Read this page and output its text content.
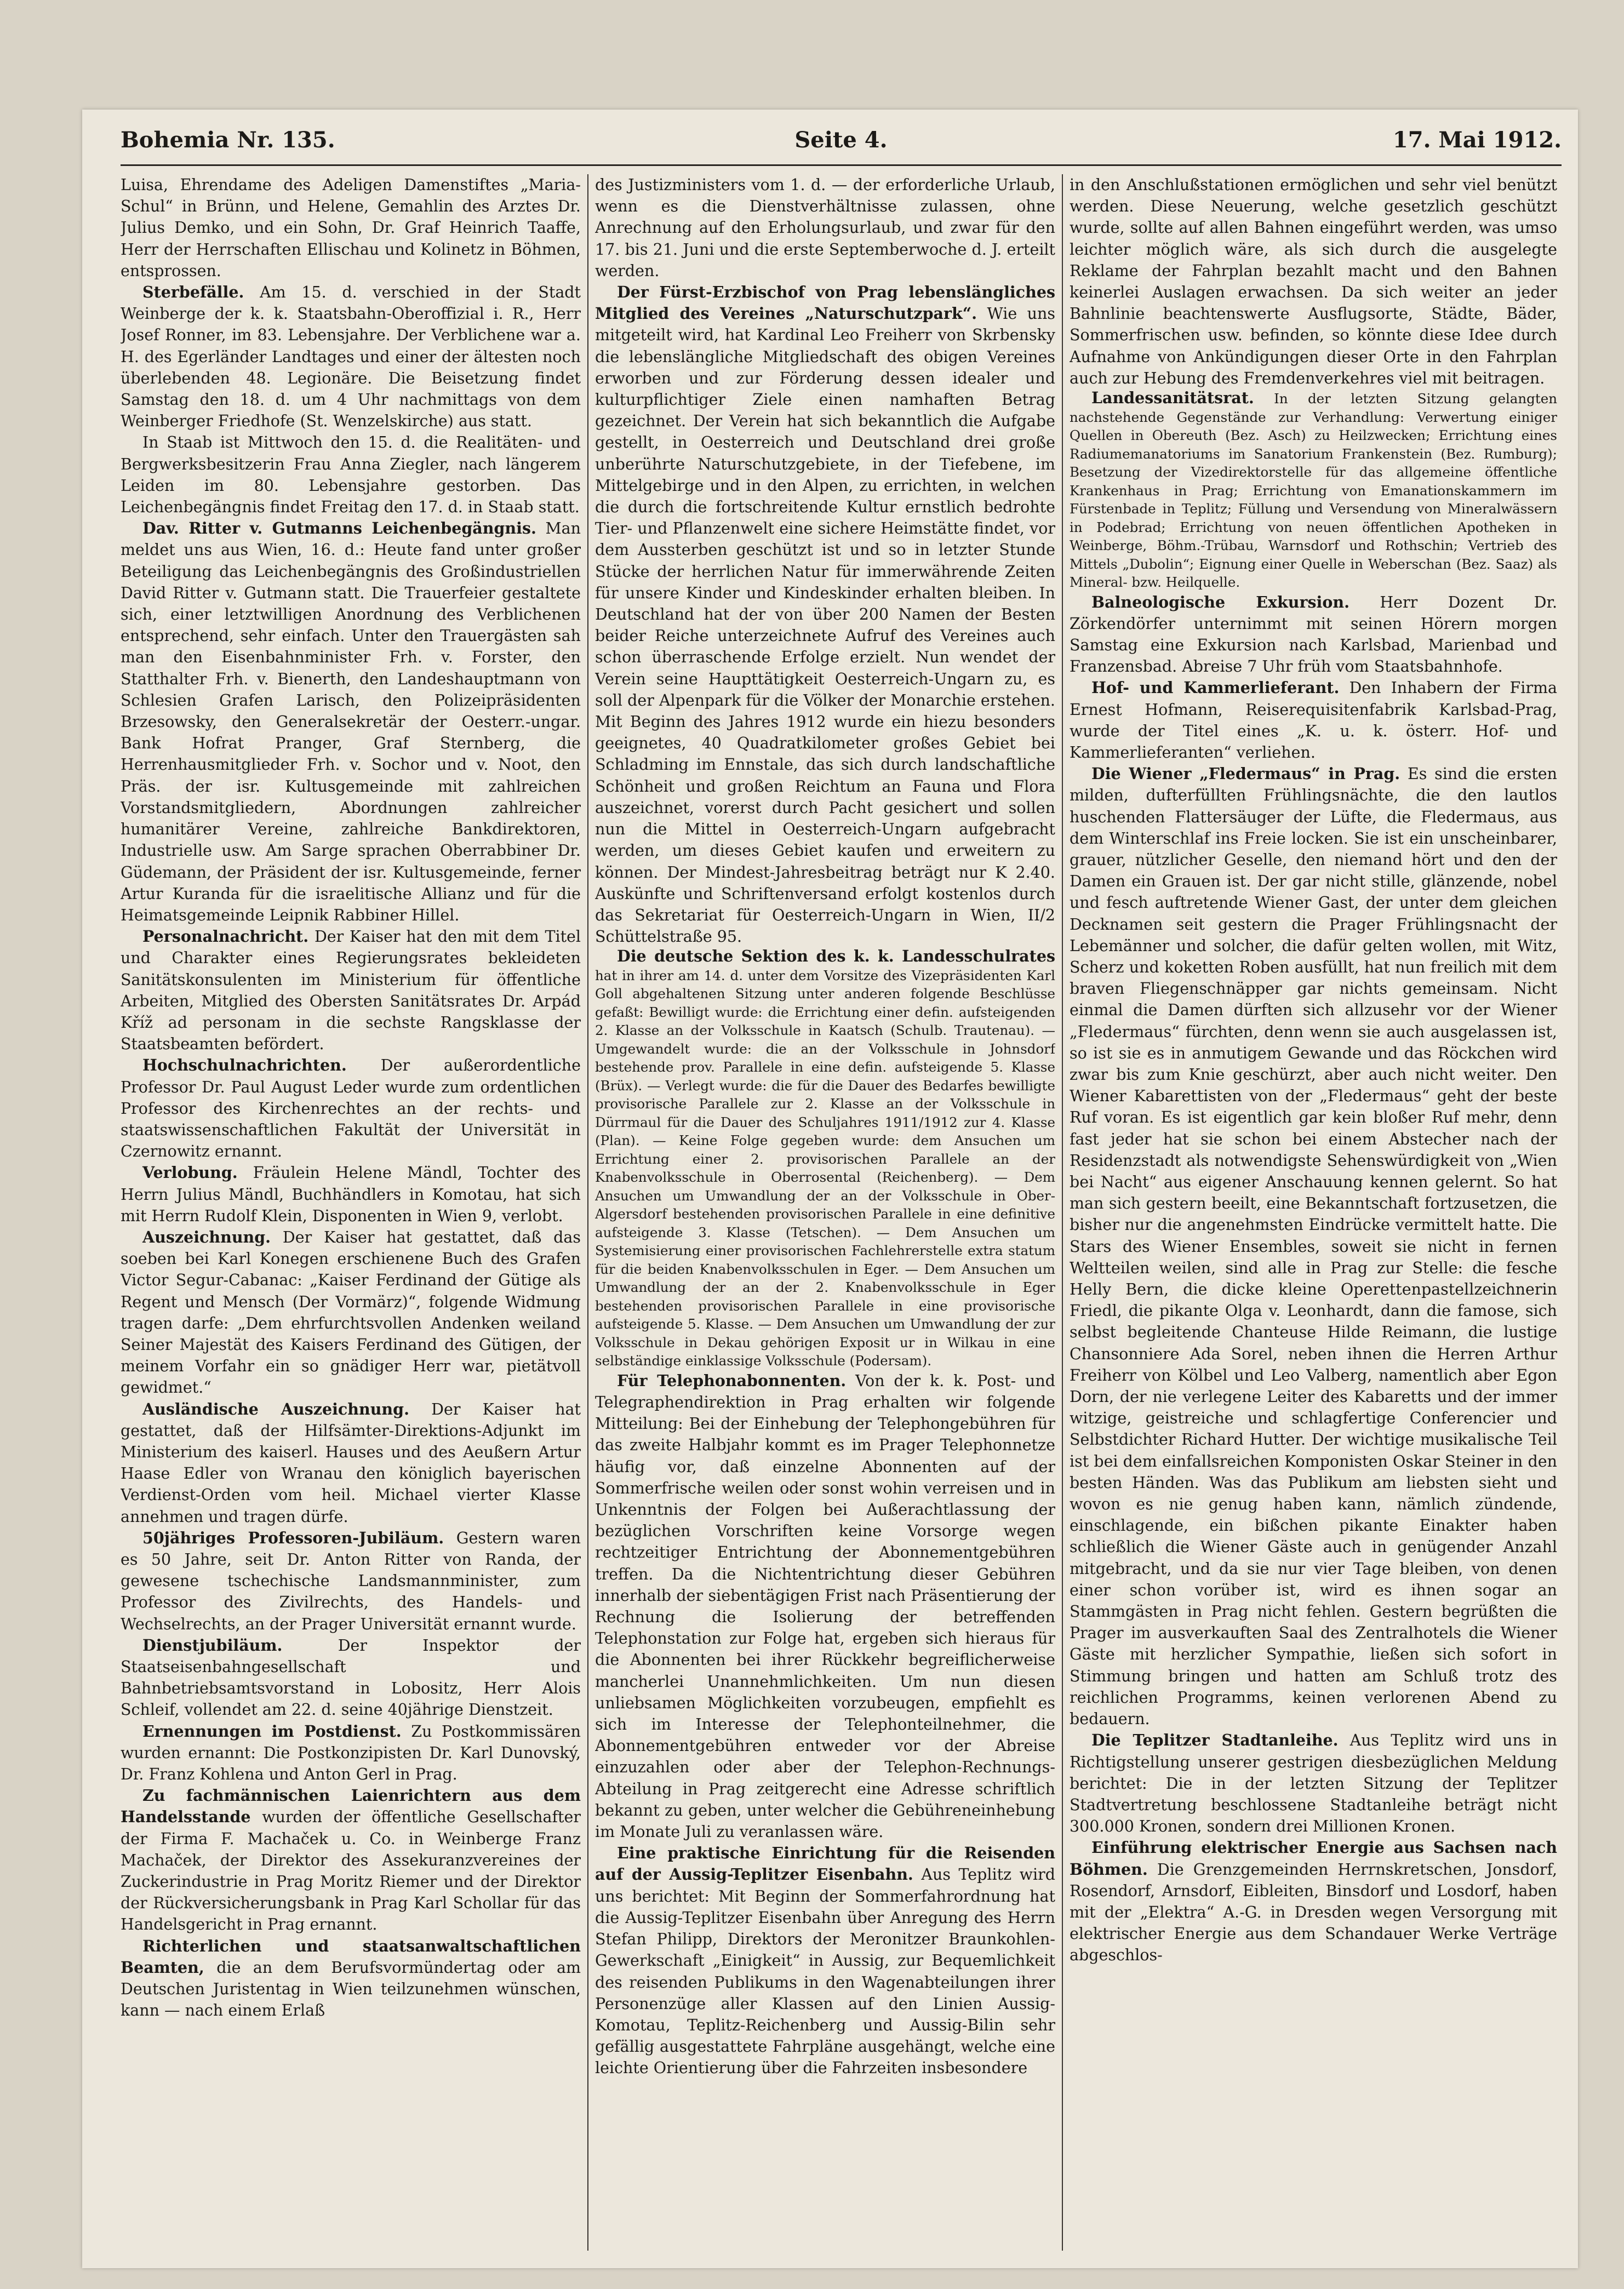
Bohemia Nr. 135.	Seite 4.	17. Mai 1912.

Luisa, Ehrendame des Adeligen Damenstiftes „Maria-Schul“ in Brünn, und Helene, Gemahlin des Arztes Dr. Julius Demko, und ein Sohn, Dr. Graf Heinrich Taaffe, Herr der Herrschaften Ellischau und Kolinetz in Böhmen, entsprossen.

Sterbefälle. Am 15. d. verschied in der Stadt Weinberge der k. k. Staatsbahn-Oberoffizial i. R., Herr Josef Ronner, im 83. Lebensjahre. Der Verblichene war a. H. des Egerländer Landtages und einer der ältesten noch überlebenden 48. Legionäre. Die Beisetzung findet Samstag den 18. d. um 4 Uhr nachmittags von dem Weinberger Friedhofe (St. Wenzelskirche) aus statt.

In Staab ist Mittwoch den 15. d. die Realitäten- und Bergwerksbesitzerin Frau Anna Ziegler, nach längerem Leiden im 80. Lebensjahre gestorben. Das Leichenbegängnis findet Freitag den 17. d. in Staab statt.

Dav. Ritter v. Gutmanns Leichenbegängnis. Man meldet uns aus Wien, 16. d.: Heute fand unter großer Beteiligung das Leichenbegängnis des Großindustriellen David Ritter v. Gutmann statt. Die Trauerfeier gestaltete sich, einer letztwilligen Anordnung des Verblichenen entsprechend, sehr einfach. Unter den Trauergästen sah man den Eisenbahnminister Frh. v. Forster, den Statthalter Frh. v. Bienerth, den Landeshauptmann von Schlesien Grafen Larisch, den Polizeipräsidenten Brzesowsky, den Generalsekretär der Oesterr.-ungar. Bank Hofrat Pranger, Graf Sternberg, die Herrenhausmitglieder Frh. v. Sochor und v. Noot, den Präs. der isr. Kultusgemeinde mit zahlreichen Vorstandsmitgliedern, Abordnungen zahlreicher humanitärer Vereine, zahlreiche Bankdirektoren, Industrielle usw. Am Sarge sprachen Oberrabbiner Dr. Güdemann, der Präsident der isr. Kultusgemeinde, ferner Artur Kuranda für die israelitische Allianz und für die Heimatsgemeinde Leipnik Rabbiner Hillel.

Personalnachricht. Der Kaiser hat den mit dem Titel und Charakter eines Regierungsrates bekleideten Sanitätskonsulenten im Ministerium für öffentliche Arbeiten, Mitglied des Obersten Sanitätsrates Dr. Arpád Kříž ad personam in die sechste Rangsklasse der Staatsbeamten befördert.

Hochschulnachrichten. Der außerordentliche Professor Dr. Paul August Leder wurde zum ordentlichen Professor des Kirchenrechtes an der rechts- und staatswissenschaftlichen Fakultät der Universität in Czernowitz ernannt.

Verlobung. Fräulein Helene Mändl, Tochter des Herrn Julius Mändl, Buchhändlers in Komotau, hat sich mit Herrn Rudolf Klein, Disponenten in Wien 9, verlobt.

Auszeichnung. Der Kaiser hat gestattet, daß das soeben bei Karl Konegen erschienene Buch des Grafen Victor Segur-Cabanac: „Kaiser Ferdinand der Gütige als Regent und Mensch (Der Vormärz)“, folgende Widmung tragen darfe: „Dem ehrfurchtsvollen Andenken weiland Seiner Majestät des Kaisers Ferdinand des Gütigen, der meinem Vorfahr ein so gnädiger Herr war, pietätvoll gewidmet.“

Ausländische Auszeichnung. Der Kaiser hat gestattet, daß der Hilfsämter-Direktions-Adjunkt im Ministerium des kaiserl. Hauses und des Aeußern Artur Haase Edler von Wranau den königlich bayerischen Verdienst-Orden vom heil. Michael vierter Klasse annehmen und tragen dürfe.

50jähriges Professoren-Jubiläum. Gestern waren es 50 Jahre, seit Dr. Anton Ritter von Randa, der gewesene tschechische Landsmannminister, zum Professor des Zivilrechts, des Handels- und Wechselrechts, an der Prager Universität ernannt wurde.

Dienstjubiläum.	Der Inspektor der Staatseisenbahngesellschaft und Bahnbetriebsamtsvorstand in Lobositz, Herr Alois Schleif, vollendet am 22. d. seine 40jährige Dienstzeit.

Ernennungen im Postdienst. Zu Postkommissären wurden ernannt: Die Postkonzipisten Dr. Karl Dunovský, Dr. Franz Kohlena und Anton Gerl in Prag.

Zu fachmännischen Laienrichtern aus dem Handelsstande wurden der öffentliche Gesellschafter der Firma F. Machaček u. Co. in Weinberge Franz Machaček, der Direktor des Assekuranzvereines der Zuckerindustrie in Prag Moritz Riemer und der Direktor der Rückversicherungsbank in Prag Karl Schollar für das Handelsgericht in Prag ernannt.

Richterlichen und staatsanwaltschaftlichen Beamten, die an dem Berufsvormündertag oder am Deutschen Juristentag in Wien teilzunehmen wünschen, kann — nach einem Erlaß

des Justizministers vom 1. d. — der erforderliche Urlaub, wenn es die Dienstverhältnisse zulassen, ohne Anrechnung auf den Erholungsurlaub, und zwar für den 17. bis 21. Juni und die erste Septemberwoche d. J. erteilt werden.

Der Fürst-Erzbischof von Prag lebenslängliches Mitglied des Vereines „Naturschutzpark“. Wie uns mitgeteilt wird, hat Kardinal Leo Freiherr von Skrbensky die lebenslängliche Mitgliedschaft des obigen Vereines erworben und zur Förderung dessen idealer und kulturpflichtiger Ziele einen namhaften Betrag gezeichnet. Der Verein hat sich bekanntlich die Aufgabe gestellt, in Oesterreich und Deutschland drei große unberührte Naturschutzgebiete, in der Tiefebene, im Mittelgebirge und in den Alpen, zu errichten, in welchen die durch die fortschreitende Kultur ernstlich bedrohte Tier- und Pflanzenwelt eine sichere Heimstätte findet, vor dem Aussterben geschützt ist und so in letzter Stunde Stücke der herrlichen Natur für immerwährende Zeiten für unsere Kinder und Kindeskinder erhalten bleiben. In Deutschland hat der von über 200 Namen der Besten beider Reiche unterzeichnete Aufruf des Vereines auch schon überraschende Erfolge erzielt. Nun wendet der Verein seine Haupttätigkeit Oesterreich-Ungarn zu, es soll der Alpenpark für die Völker der Monarchie erstehen. Mit Beginn des Jahres 1912 wurde ein hiezu besonders geeignetes, 40 Quadratkilometer großes Gebiet bei Schladming im Ennstale, das sich durch landschaftliche Schönheit und großen Reichtum an Fauna und Flora auszeichnet, vorerst durch Pacht gesichert und sollen nun die Mittel in Oesterreich-Ungarn aufgebracht werden, um dieses Gebiet kaufen und erweitern zu können. Der Mindest-Jahresbeitrag beträgt nur K 2.40. Auskünfte und Schriftenversand erfolgt kostenlos durch das Sekretariat für Oesterreich-Ungarn in Wien, II/2 Schüttelstraße 95.

Die deutsche Sektion des k. k. Landesschulrates hat in ihrer am 14. d. unter dem Vorsitze des Vizepräsidenten Karl Goll abgehaltenen Sitzung unter anderen folgende Beschlüsse gefaßt: Bewilligt wurde: die Errichtung einer defin. aufsteigenden 2. Klasse an der Volksschule in Kaatsch (Schulb. Trautenau). — Umgewandelt wurde: die an der Volksschule in Johnsdorf bestehende prov. Parallele in eine defin. aufsteigende 5. Klasse (Brüx). — Verlegt wurde: die für die Dauer des Bedarfes bewilligte provisorische Parallele zur 2. Klasse an der Volksschule in Dürrmaul für die Dauer des Schuljahres 1911/1912 zur 4. Klasse (Plan). — Keine Folge gegeben wurde: dem Ansuchen um Errichtung einer 2. provisorischen Parallele an der Knabenvolksschule in Oberrosental (Reichenberg). — Dem Ansuchen um Umwandlung der an der Volksschule in Ober-Algersdorf bestehenden provisorischen Parallele in eine definitive aufsteigende 3. Klasse (Tetschen). — Dem Ansuchen um Systemisierung einer provisorischen Fachlehrerstelle extra statum für die beiden Knabenvolksschulen in Eger. — Dem Ansuchen um Umwandlung der an der 2. Knabenvolksschule in Eger bestehenden provisorischen Parallele in eine provisorische aufsteigende 5. Klasse. — Dem Ansuchen um Umwandlung der zur Volksschule in Dekau gehörigen Exposit ur in Wilkau in eine selbständige einklassige Volksschule (Podersam).

Für Telephonabonnenten. Von der k. k. Post- und Telegraphendirektion in Prag erhalten wir folgende Mitteilung: Bei der Einhebung der Telephongebühren für das zweite Halbjahr kommt es im Prager Telephonnetze häufig vor, daß einzelne Abonnenten auf der Sommerfrische weilen oder sonst wohin verreisen und in Unkenntnis der Folgen bei Außerachtlassung der bezüglichen Vorschriften keine Vorsorge wegen rechtzeitiger Entrichtung der Abonnementgebühren treffen. Da die Nichtentrichtung dieser Gebühren innerhalb der siebentägigen Frist nach Präsentierung der Rechnung die Isolierung der betreffenden Telephonstation zur Folge hat, ergeben sich hieraus für die Abonnenten bei ihrer Rückkehr begreiflicherweise mancherlei Unannehmlichkeiten. Um nun diesen unliebsamen Möglichkeiten vorzubeugen, empfiehlt es sich im Interesse der Telephonteilnehmer, die Abonnementgebühren entweder vor der Abreise einzuzahlen oder aber der Telephon-Rechnungs-Abteilung in Prag zeitgerecht eine Adresse schriftlich bekannt zu geben, unter welcher die Gebühreneinhebung im Monate Juli zu veranlassen wäre.

Eine praktische Einrichtung für die Reisenden auf der Aussig-Teplitzer Eisenbahn. Aus Teplitz wird uns berichtet: Mit Beginn der Sommerfahrordnung hat die Aussig-Teplitzer Eisenbahn über Anregung des Herrn Stefan Philipp, Direktors der Meronitzer Braunkohlen-Gewerkschaft „Einigkeit“ in Aussig, zur Bequemlichkeit des reisenden Publikums in den Wagenabteilungen ihrer Personenzüge aller Klassen auf den Linien Aussig-Komotau, Teplitz-Reichenberg und Aussig-Bilin sehr gefällig ausgestattete Fahrpläne ausgehängt, welche eine leichte Orientierung über die Fahrzeiten insbesondere

in den Anschlußstationen ermöglichen und sehr viel benützt werden. Diese Neuerung, welche gesetzlich geschützt wurde, sollte auf allen Bahnen eingeführt werden, was umso leichter möglich wäre, als sich durch die ausgelegte Reklame der Fahrplan bezahlt macht und den Bahnen keinerlei Auslagen erwachsen. Da sich weiter an jeder Bahnlinie beachtenswerte Ausflugsorte, Städte, Bäder, Sommerfrischen usw. befinden, so könnte diese Idee durch Aufnahme von Ankündigungen dieser Orte in den Fahrplan auch zur Hebung des Fremdenverkehres viel mit beitragen.

Landessanitätsrat. In der letzten Sitzung gelangten nachstehende Gegenstände zur Verhandlung: Verwertung einiger Quellen in Obereuth (Bez. Asch) zu Heilzwecken; Errichtung eines Radiumemanatoriums im Sanatorium Frankenstein (Bez. Rumburg); Besetzung der Vizedirektorstelle für das allgemeine öffentliche Krankenhaus in Prag; Errichtung von Emanationskammern im Fürstenbade in Teplitz; Füllung und Versendung von Mineralwässern in Podebrad; Errichtung von neuen öffentlichen Apotheken in Weinberge, Böhm.-Trübau, Warnsdorf und Rothschin; Vertrieb des Mittels „Dubolin“; Eignung einer Quelle in Weberschan (Bez. Saaz) als Mineral- bzw. Heilquelle.

Balneologische Exkursion. Herr Dozent Dr. Zörkendörfer unternimmt mit seinen Hörern morgen Samstag eine Exkursion nach Karlsbad, Marienbad und Franzensbad. Abreise 7 Uhr früh vom Staatsbahnhofe.

Hof- und Kammerlieferant. Den Inhabern der Firma Ernest Hofmann, Reiserequisitenfabrik Karlsbad-Prag, wurde der Titel eines „K. u. k. österr. Hof- und Kammerlieferanten“ verliehen.

Die Wiener „Fledermaus“ in Prag. Es sind die ersten milden, dufterfüllten Frühlingsnächte, die den lautlos huschenden Flattersäuger der Lüfte, die Fledermaus, aus dem Winterschlaf ins Freie locken. Sie ist ein unscheinbarer, grauer, nützlicher Geselle, den niemand hört und den der Damen ein Grauen ist. Der gar nicht stille, glänzende, nobel und fesch auftretende Wiener Gast, der unter dem gleichen Decknamen seit gestern die Prager Frühlingsnacht der Lebemänner und solcher, die dafür gelten wollen, mit Witz, Scherz und koketten Roben ausfüllt, hat nun freilich mit dem braven Fliegenschnäpper gar nichts gemeinsam. Nicht einmal die Damen dürften sich allzusehr vor der Wiener „Fledermaus“ fürchten, denn wenn sie auch ausgelassen ist, so ist sie es in anmutigem Gewande und das Röckchen wird zwar bis zum Knie geschürzt, aber auch nicht weiter. Den Wiener Kabarettisten von der „Fledermaus“ geht der beste Ruf voran. Es ist eigentlich gar kein bloßer Ruf mehr, denn fast jeder hat sie schon bei einem Abstecher nach der Residenzstadt als notwendigste Sehenswürdigkeit von „Wien bei Nacht“ aus eigener Anschauung kennen gelernt. So hat man sich gestern beeilt, eine Bekanntschaft fortzusetzen, die bisher nur die angenehmsten Eindrücke vermittelt hatte. Die Stars des Wiener Ensembles, soweit sie nicht in fernen Weltteilen weilen, sind alle in Prag zur Stelle: die fesche Helly Bern, die dicke kleine Operettenpastellzeichnerin Friedl, die pikante Olga v. Leonhardt, dann die famose, sich selbst begleitende Chanteuse Hilde Reimann, die lustige Chansonniere Ada Sorel, neben ihnen die Herren Arthur Freiherr von Kölbel und Leo Valberg, namentlich aber Egon Dorn, der nie verlegene Leiter des Kabaretts und der immer witzige, geistreiche und schlagfertige Conferencier und Selbstdichter Richard Hutter. Der wichtige musikalische Teil ist bei dem einfallsreichen Komponisten Oskar Steiner in den besten Händen. Was das Publikum am liebsten sieht und wovon es nie genug haben kann, nämlich zündende, einschlagende, ein bißchen pikante Einakter haben schließlich die Wiener Gäste auch in genügender Anzahl mitgebracht, und da sie nur vier Tage bleiben, von denen einer schon vorüber ist, wird es ihnen sogar an Stammgästen in Prag nicht fehlen. Gestern begrüßten die Prager im ausverkauften Saal des Zentralhotels die Wiener Gäste mit herzlicher Sympathie, ließen sich sofort in Stimmung bringen und hatten am Schluß trotz des reichlichen Programms, keinen verlorenen Abend zu bedauern.

Die Teplitzer Stadtanleihe. Aus Teplitz wird uns in Richtigstellung unserer gestrigen diesbezüglichen Meldung berichtet: Die in der letzten Sitzung der Teplitzer Stadtvertretung beschlossene Stadtanleihe beträgt nicht 300.000 Kronen, sondern drei Millionen Kronen.

Einführung elektrischer Energie aus Sachsen nach Böhmen. Die Grenzgemeinden Herrnskretschen, Jonsdorf, Rosendorf, Arnsdorf, Eibleiten, Binsdorf und Losdorf, haben mit der „Elektra“ A.-G. in Dresden wegen Versorgung mit elektrischer Energie aus dem Schandauer Werke Verträge abgeschlos-
